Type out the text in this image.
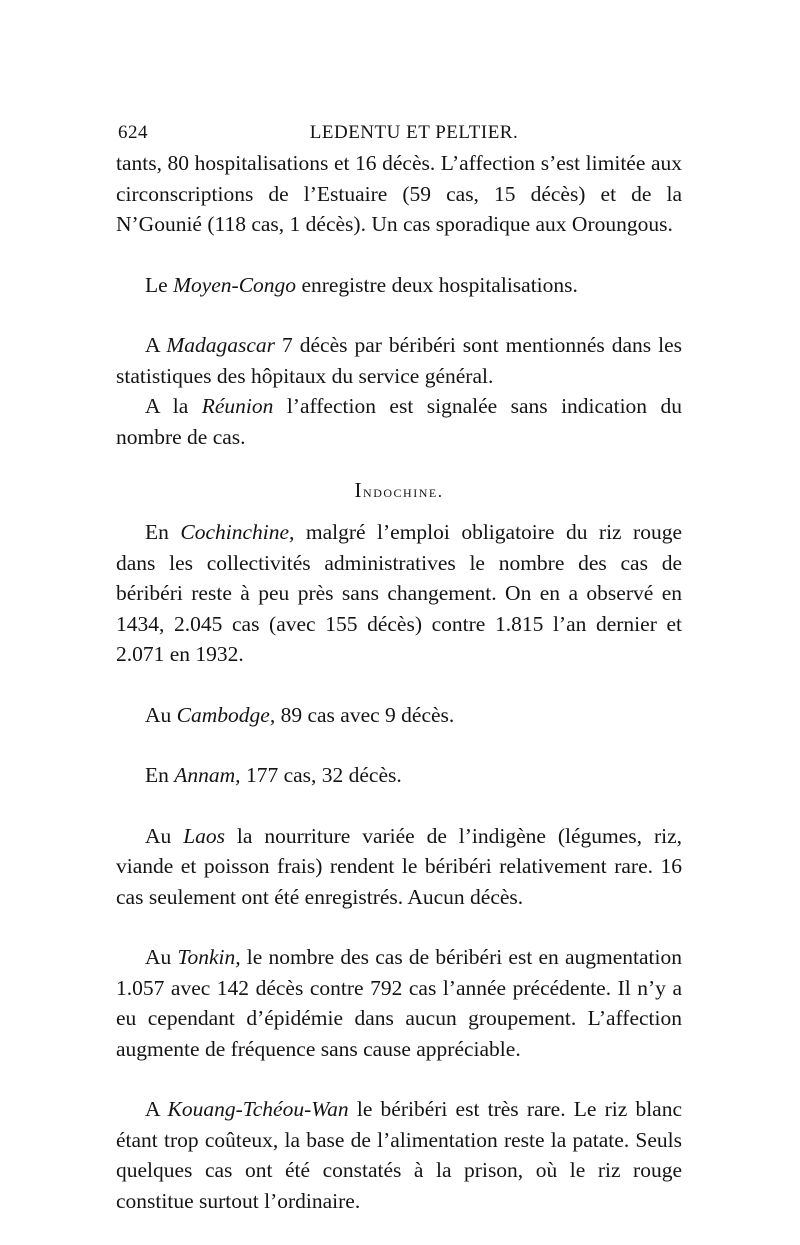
624	LEDENTU ET PELTIER.

tants, 80 hospitalisations et 16 décès. L’affection s’est limitée aux circonscriptions de l’Estuaire (59 cas, 15 décès) et de la N’Gounié (118 cas, 1 décès). Un cas sporadique aux Oroungous.

Le Moyen-Congo enregistre deux hospitalisations.

A Madagascar 7 décès par béribéri sont mentionnés dans les statistiques des hôpitaux du service général.

A la Réunion l’affection est signalée sans indication du nombre de cas.

Indochine.

En Cochinchine, malgré l’emploi obligatoire du riz rouge dans les collectivités administratives le nombre des cas de béribéri reste à peu près sans changement. On en a observé en 1434, 2.045 cas (avec 155 décès) contre 1.815 l’an dernier et 2.071 en 1932.

Au Cambodge, 89 cas avec 9 décès.

En Annam, 177 cas, 32 décès.

Au Laos la nourriture variée de l’indigène (légumes, riz, viande et poisson frais) rendent le béribéri relativement rare. 16 cas seulement ont été enregistrés. Aucun décès.

Au Tonkin, le nombre des cas de béribéri est en augmentation 1.057 avec 142 décès contre 792 cas l’année précédente. Il n’y a eu cependant d’épidémie dans aucun groupement. L’affection augmente de fréquence sans cause appréciable.

A Kouang-Tchéou-Wan le béribéri est très rare. Le riz blanc étant trop coûteux, la base de l’alimentation reste la patate. Seuls quelques cas ont été constatés à la prison, où le riz rouge constitue surtout l’ordinaire.
